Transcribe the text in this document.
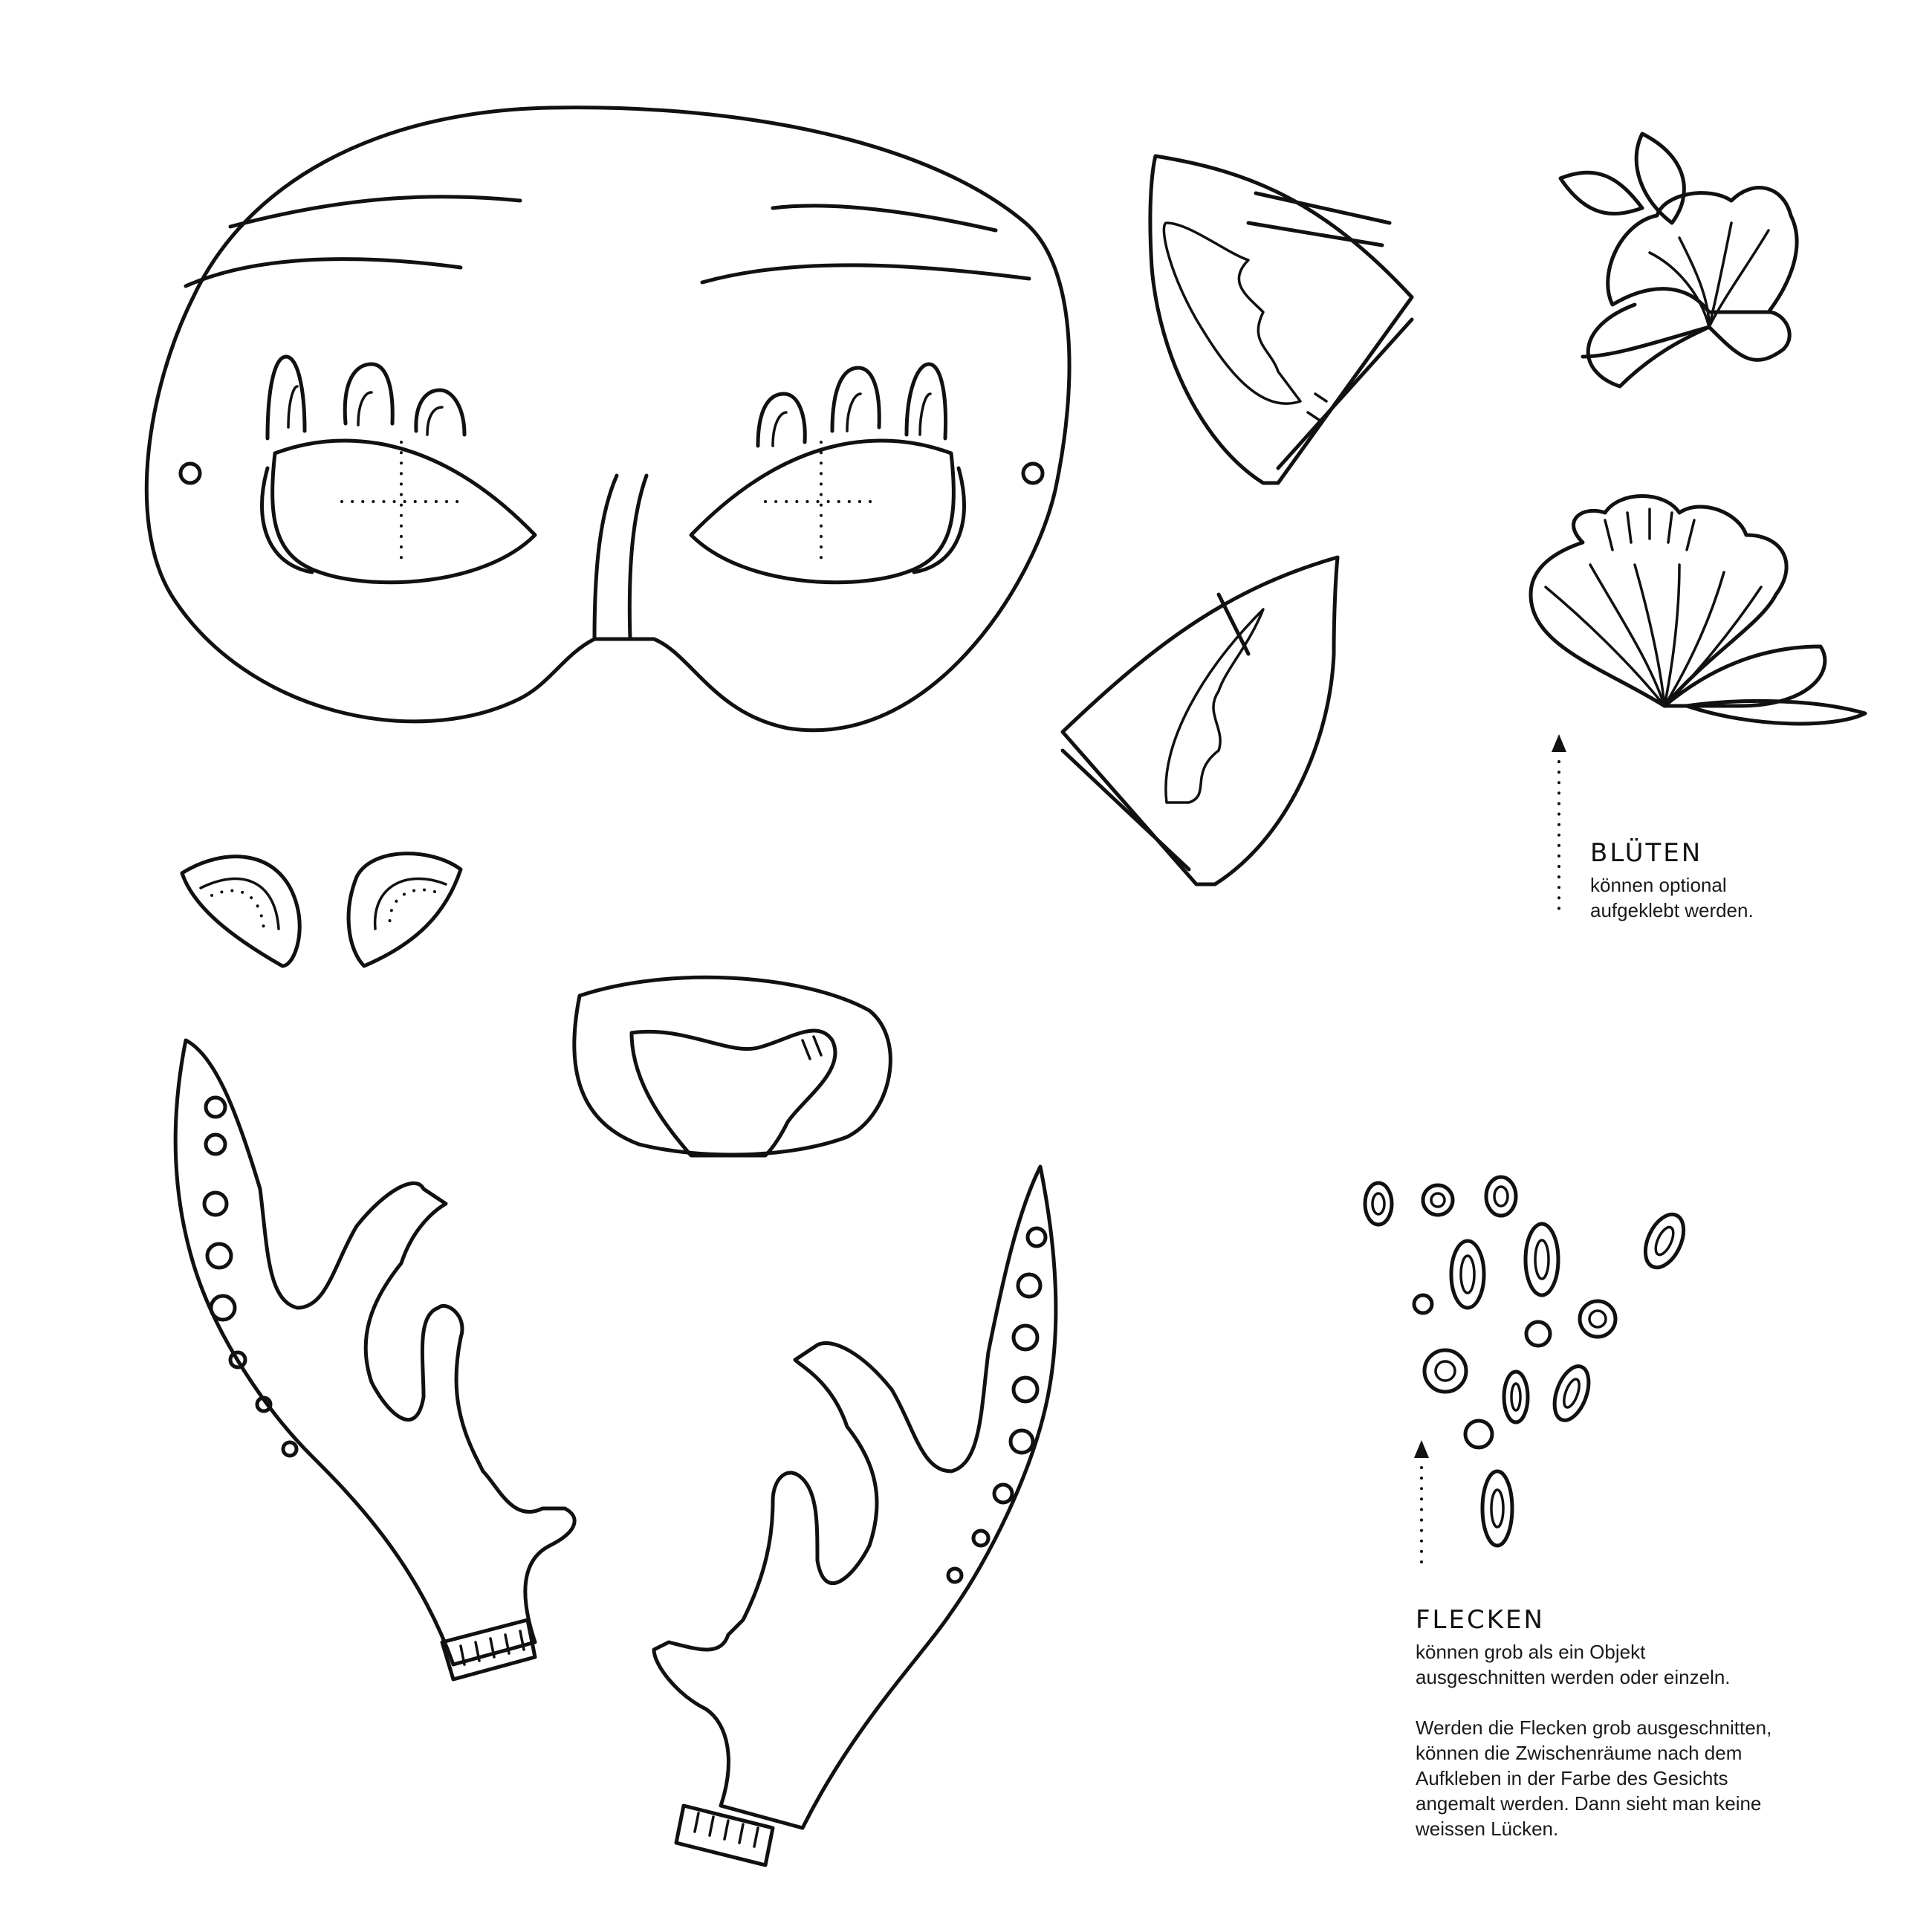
BLÜTEN

können optional

aufgeklebt werden.

FLECKEN

können grob als ein Objekt

ausgeschnitten werden oder einzeln.

Werden die Flecken grob ausgeschnitten,

können die Zwischenräume nach dem

Aufkleben in der Farbe des Gesichts

angemalt werden. Dann sieht man keine

weissen Lücken.
